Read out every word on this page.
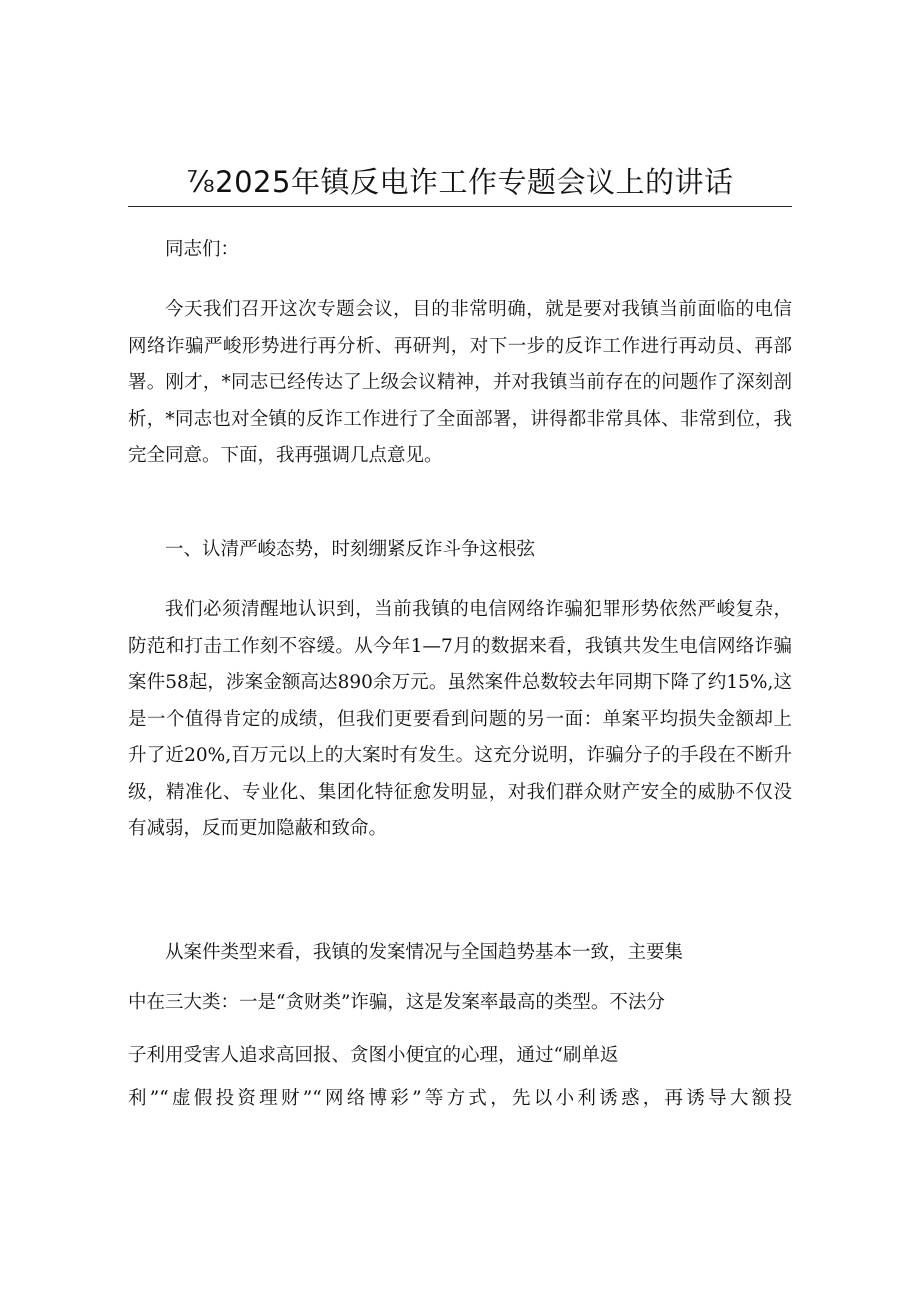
⅞2025年镇反电诈工作专题会议上的讲话

同志们：

今天我们召开这次专题会议，目的非常明确，就是要对我镇当前面临的电信网络诈骗严峻形势进行再分析、再研判，对下一步的反诈工作进行再动员、再部署。刚才，*同志已经传达了上级会议精神，并对我镇当前存在的问题作了深刻剖析，*同志也对全镇的反诈工作进行了全面部署，讲得都非常具体、非常到位，我完全同意。下面，我再强调几点意见。

一、认清严峻态势，时刻绷紧反诈斗争这根弦

我们必须清醒地认识到，当前我镇的电信网络诈骗犯罪形势依然严峻复杂，防范和打击工作刻不容缓。从今年1—7月的数据来看，我镇共发生电信网络诈骗案件58起，涉案金额高达890余万元。虽然案件总数较去年同期下降了约15%,这是一个值得肯定的成绩，但我们更要看到问题的另一面：单案平均损失金额却上升了近20%,百万元以上的大案时有发生。这充分说明，诈骗分子的手段在不断升级，精准化、专业化、集团化特征愈发明显，对我们群众财产安全的威胁不仅没有减弱，反而更加隐蔽和致命。

从案件类型来看，我镇的发案情况与全国趋势基本一致，主要集

中在三大类：一是“贪财类”诈骗，这是发案率最高的类型。不法分

子利用受害人追求高回报、贪图小便宜的心理，通过“刷单返

利”“虚假投资理财”“网络博彩”等方式，先以小利诱惑，再诱导大额投
